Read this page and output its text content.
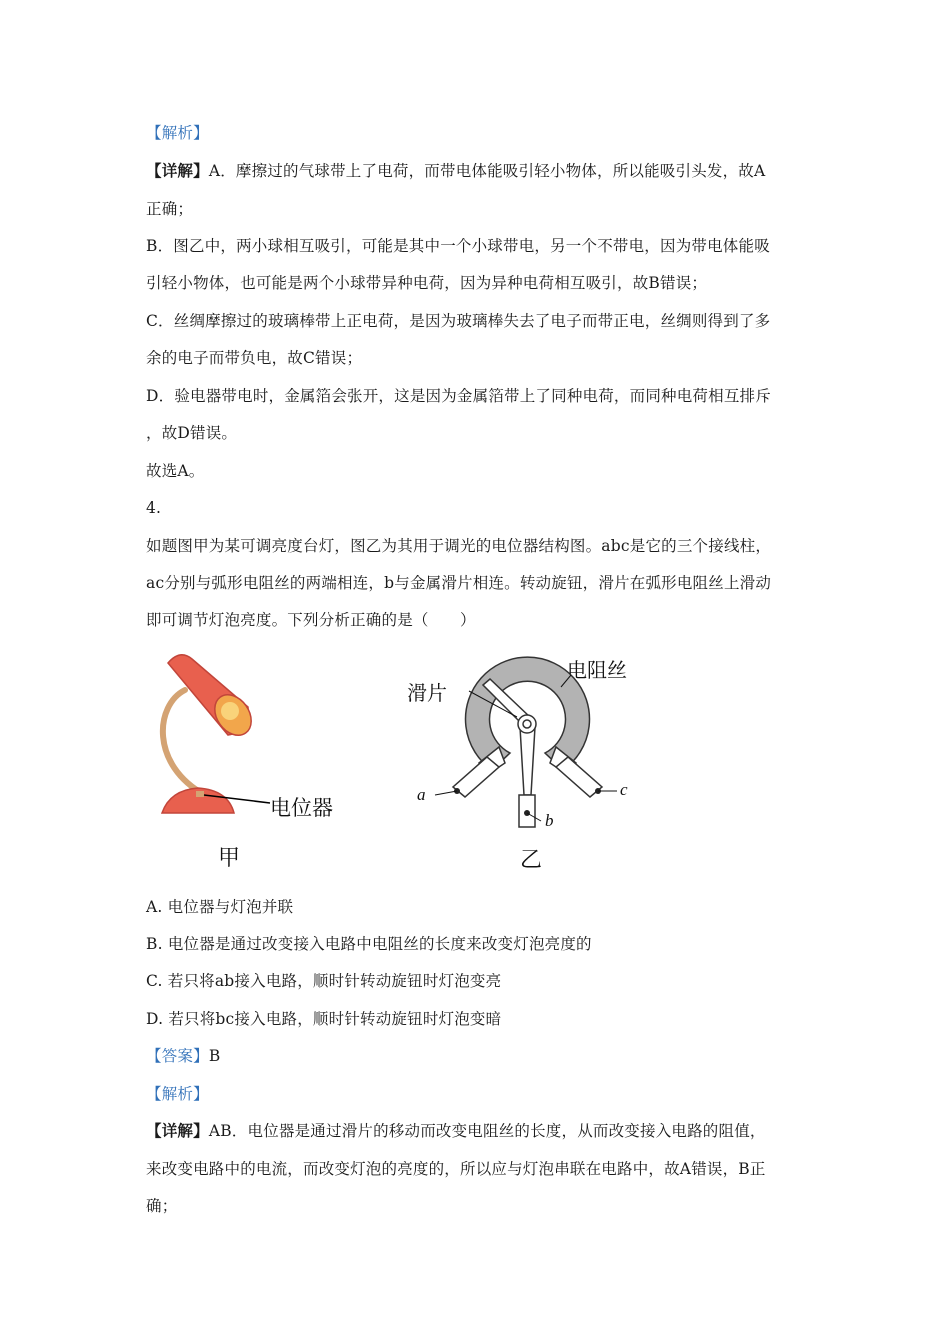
【解析】
【详解】A．摩擦过的气球带上了电荷，而带电体能吸引轻小物体，所以能吸引头发，故A
正确；
B．图乙中，两小球相互吸引，可能是其中一个小球带电，另一个不带电，因为带电体能吸
引轻小物体，也可能是两个小球带异种电荷，因为异种电荷相互吸引，故B错误；
C．丝绸摩擦过的玻璃棒带上正电荷，是因为玻璃棒失去了电子而带正电，丝绸则得到了多
余的电子而带负电，故C错误；
D．验电器带电时，金属箔会张开，这是因为金属箔带上了同种电荷，而同种电荷相互排斥
，故D错误。
故选A。
4.
如题图甲为某可调亮度台灯，图乙为其用于调光的电位器结构图。abc是它的三个接线柱，
ac分别与弧形电阻丝的两端相连，b与金属滑片相连。转动旋钮，滑片在弧形电阻丝上滑动
即可调节灯泡亮度。下列分析正确的是（　　）
电位器
甲
滑片
电阻丝
a
b
c
乙
A. 电位器与灯泡并联
B. 电位器是通过改变接入电路中电阻丝的长度来改变灯泡亮度的
C. 若只将ab接入电路，顺时针转动旋钮时灯泡变亮
D. 若只将bc接入电路，顺时针转动旋钮时灯泡变暗
【答案】B
【解析】
【详解】AB．电位器是通过滑片的移动而改变电阻丝的长度，从而改变接入电路的阻值，
来改变电路中的电流，而改变灯泡的亮度的，所以应与灯泡串联在电路中，故A错误，B正
确；
